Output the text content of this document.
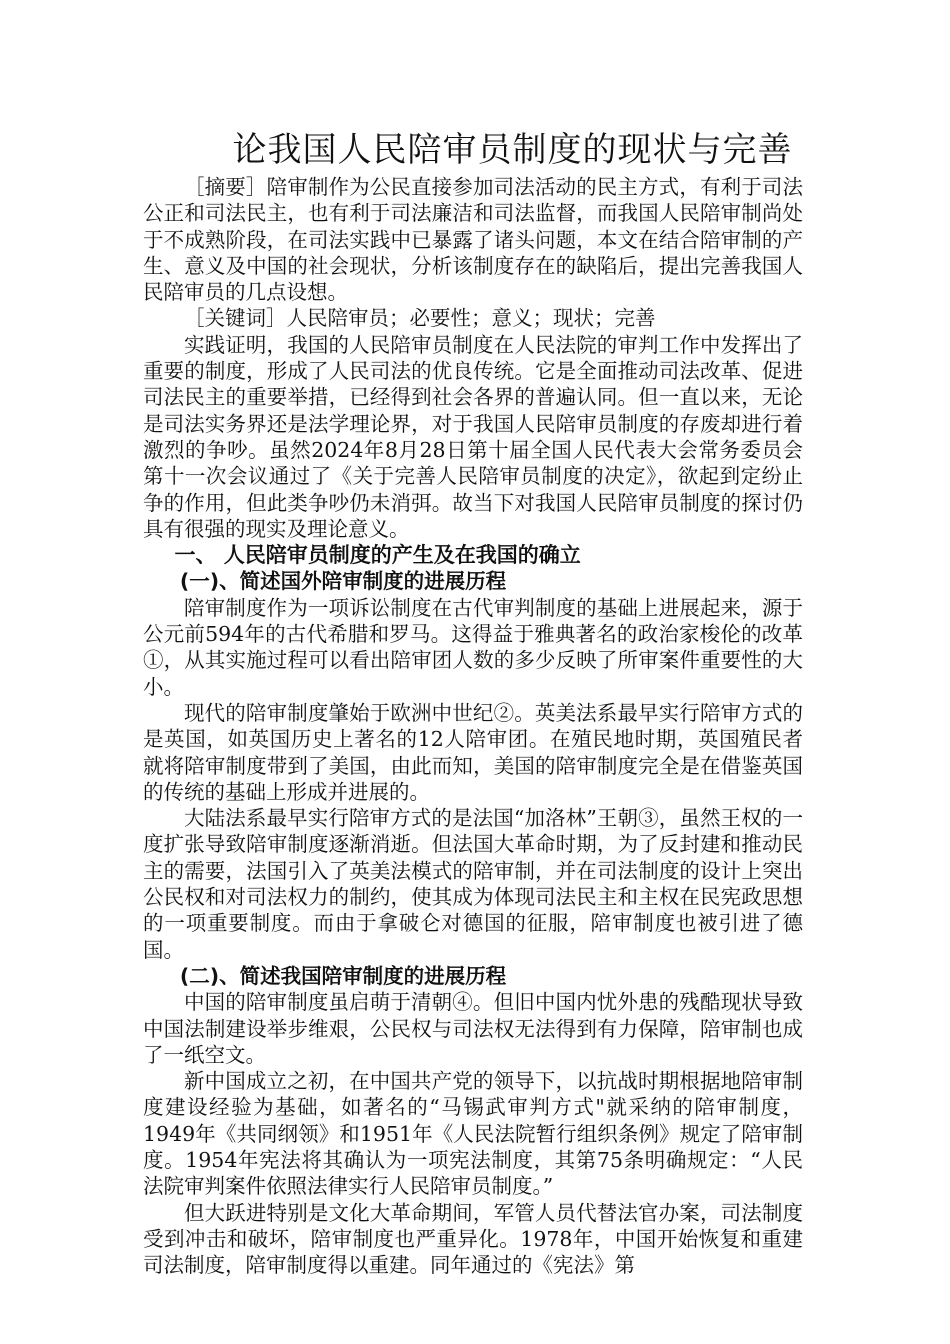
论我国人民陪审员制度的现状与完善

［摘要］陪审制作为公民直接参加司法活动的民主方式，有利于司法公正和司法民主，也有利于司法廉洁和司法监督，而我国人民陪审制尚处于不成熟阶段，在司法实践中已暴露了诸头问题，本文在结合陪审制的产生、意义及中国的社会现状，分析该制度存在的缺陷后，提出完善我国人民陪审员的几点设想。

［关键词］人民陪审员；必要性；意义；现状；完善

实践证明，我国的人民陪审员制度在人民法院的审判工作中发挥出了重要的制度，形成了人民司法的优良传统。它是全面推动司法改革、促进司法民主的重要举措，已经得到社会各界的普遍认同。但一直以来，无论是司法实务界还是法学理论界，对于我国人民陪审员制度的存废却进行着激烈的争吵。虽然2024年8月28日第十届全国人民代表大会常务委员会第十一次会议通过了《关于完善人民陪审员制度的决定》，欲起到定纷止争的作用，但此类争吵仍未消弭。故当下对我国人民陪审员制度的探讨仍具有很强的现实及理论意义。

一、 人民陪审员制度的产生及在我国的确立
(一)、简述国外陪审制度的进展历程

陪审制度作为一项诉讼制度在古代审判制度的基础上进展起来，源于公元前594年的古代希腊和罗马。这得益于雅典著名的政治家梭伦的改革①，从其实施过程可以看出陪审团人数的多少反映了所审案件重要性的大小。

现代的陪审制度肇始于欧洲中世纪②。英美法系最早实行陪审方式的是英国，如英国历史上著名的12人陪审团。在殖民地时期，英国殖民者就将陪审制度带到了美国，由此而知，美国的陪审制度完全是在借鉴英国的传统的基础上形成并进展的。

大陆法系最早实行陪审方式的是法国“加洛林”王朝③，虽然王权的一度扩张导致陪审制度逐渐消逝。但法国大革命时期，为了反封建和推动民主的需要，法国引入了英美法模式的陪审制，并在司法制度的设计上突出公民权和对司法权力的制约，使其成为体现司法民主和主权在民宪政思想的一项重要制度。而由于拿破仑对德国的征服，陪审制度也被引进了德国。

(二)、简述我国陪审制度的进展历程

中国的陪审制度虽启萌于清朝④。但旧中国内忧外患的残酷现状导致中国法制建设举步维艰，公民权与司法权无法得到有力保障，陪审制也成了一纸空文。

新中国成立之初，在中国共产党的领导下，以抗战时期根据地陪审制度建设经验为基础，如著名的“马锡武审判方式"就采纳的陪审制度，1949年《共同纲领》和1951年《人民法院暂行组织条例》规定了陪审制度。1954年宪法将其确认为一项宪法制度，其第75条明确规定：“人民法院审判案件依照法律实行人民陪审员制度。”

但大跃进特别是文化大革命期间，军管人员代替法官办案，司法制度受到冲击和破坏，陪审制度也严重异化。1978年，中国开始恢复和重建司法制度，陪审制度得以重建。同年通过的《宪法》第
